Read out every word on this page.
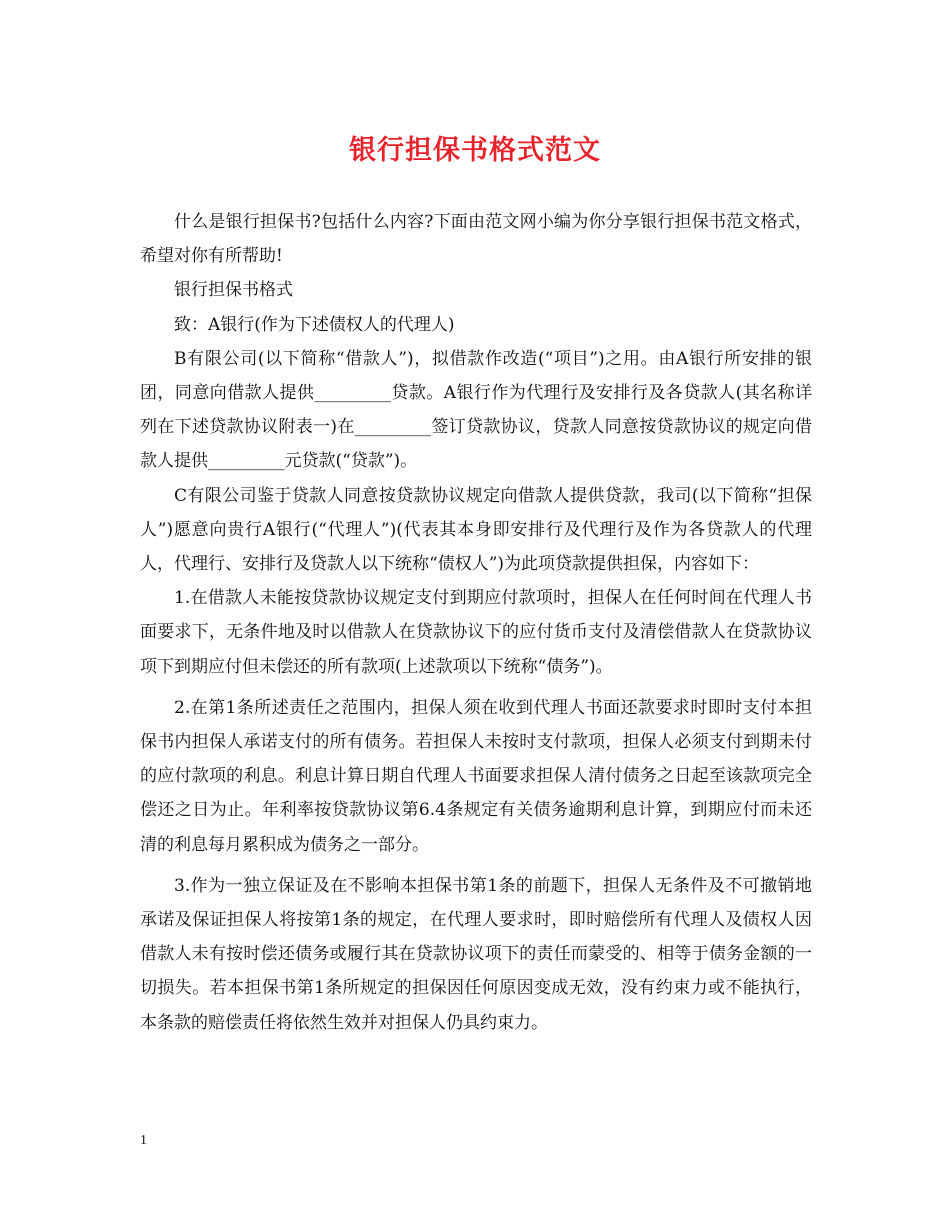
银行担保书格式范文

什么是银行担保书?包括什么内容?下面由范文网小编为你分享银行担保书范文格式，希望对你有所帮助!

银行担保书格式

致：A银行(作为下述债权人的代理人)

B有限公司(以下简称“借款人”)，拟借款作改造(“项目”)之用。由A银行所安排的银团，同意向借款人提供_________贷款。A银行作为代理行及安排行及各贷款人(其名称详列在下述贷款协议附表一)在_________签订贷款协议，贷款人同意按贷款协议的规定向借款人提供_________元贷款(“贷款”)。

C有限公司鉴于贷款人同意按贷款协议规定向借款人提供贷款，我司(以下简称“担保人”)愿意向贵行A银行(“代理人”)(代表其本身即安排行及代理行及作为各贷款人的代理人，代理行、安排行及贷款人以下统称“债权人”)为此项贷款提供担保，内容如下：

1.在借款人未能按贷款协议规定支付到期应付款项时，担保人在任何时间在代理人书面要求下，无条件地及时以借款人在贷款协议下的应付货币支付及清偿借款人在贷款协议项下到期应付但未偿还的所有款项(上述款项以下统称“债务”)。

2.在第1条所述责任之范围内，担保人须在收到代理人书面还款要求时即时支付本担保书内担保人承诺支付的所有债务。若担保人未按时支付款项，担保人必须支付到期未付的应付款项的利息。利息计算日期自代理人书面要求担保人清付债务之日起至该款项完全偿还之日为止。年利率按贷款协议第6.4条规定有关债务逾期利息计算，到期应付而未还清的利息每月累积成为债务之一部分。

3.作为一独立保证及在不影响本担保书第1条的前题下，担保人无条件及不可撤销地承诺及保证担保人将按第1条的规定，在代理人要求时，即时赔偿所有代理人及债权人因借款人未有按时偿还债务或履行其在贷款协议项下的责任而蒙受的、相等于债务金额的一切损失。若本担保书第1条所规定的担保因任何原因变成无效，没有约束力或不能执行，本条款的赔偿责任将依然生效并对担保人仍具约束力。

1
